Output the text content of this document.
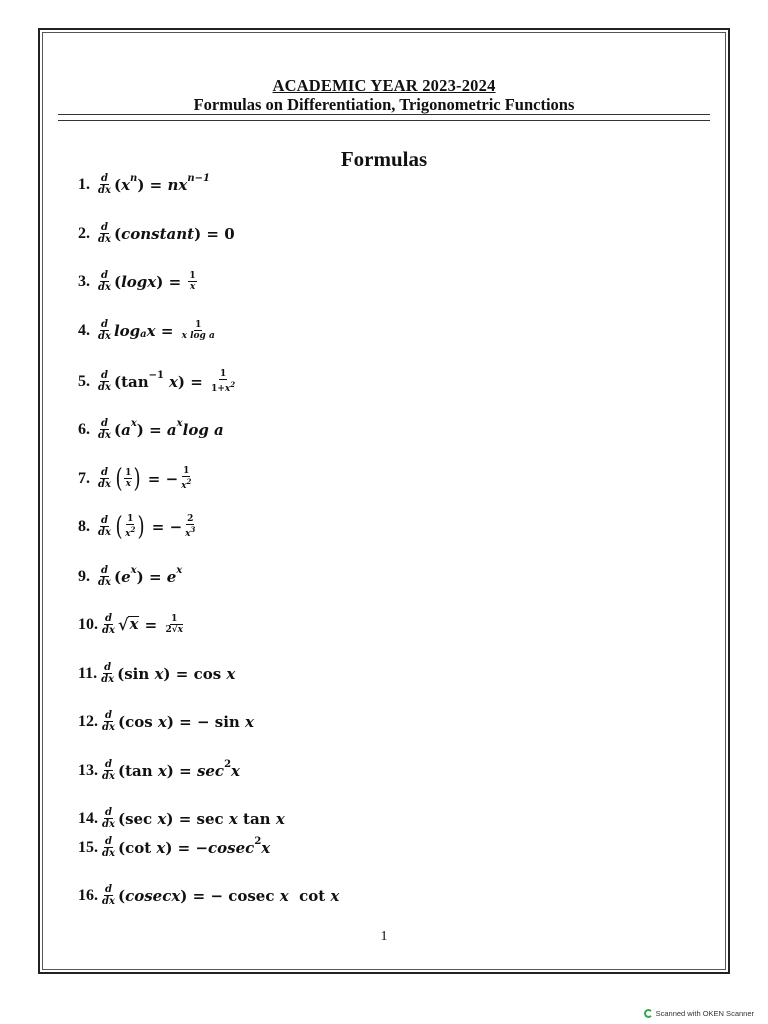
ACADEMIC YEAR 2023-2024
Formulas on Differentiation, Trigonometric Functions
Formulas
1. $\frac{d}{dx}$ ( x n )
= nx n−1
2. $\frac{d}{dx}$ ( constant )
=
0
3. $\frac{d}{dx}$ ( logx )
=
$\frac{1}{x}$
4. $\frac{d}{dx}$ log a x =
$\frac{1}{\text{x log a}}$
5. $\frac{d}{dx} (\tan -1$ x )
=
$\frac{1}{1+x^2}$
6. $\frac{d}{dx}$ ( a x )
= a x log a
7. $\frac{d}{dx}$ ( $\frac{1}{x}$ )
=
− $\frac{1}{x^2}$
8. $\frac{d}{dx}$ ( $\frac{1}{x^2}$ )
=
− $\frac{2}{x^3}$
9. $\frac{d}{dx}$ ( e x )
= e x
10. $\frac{d}{dx}$ √ x
=
$\frac{1}{2√x}$
11. $\frac{d}{dx} (\sin$ x )
=
cos x
12. $\frac{d}{dx} (\cos$ x )
=
− sin x
13. $\frac{d}{dx} (\tan$ x )
= sec 2 x
14. $\frac{d}{dx} (\sec$ x )
=
sec x tan x
15. $\frac{d}{dx} (\cot$ x )
=
− cosec 2 x
16. $\frac{d}{dx}$ ( cosecx )
=
− cosec x cot x
1
Scanned with OKEN Scanner
